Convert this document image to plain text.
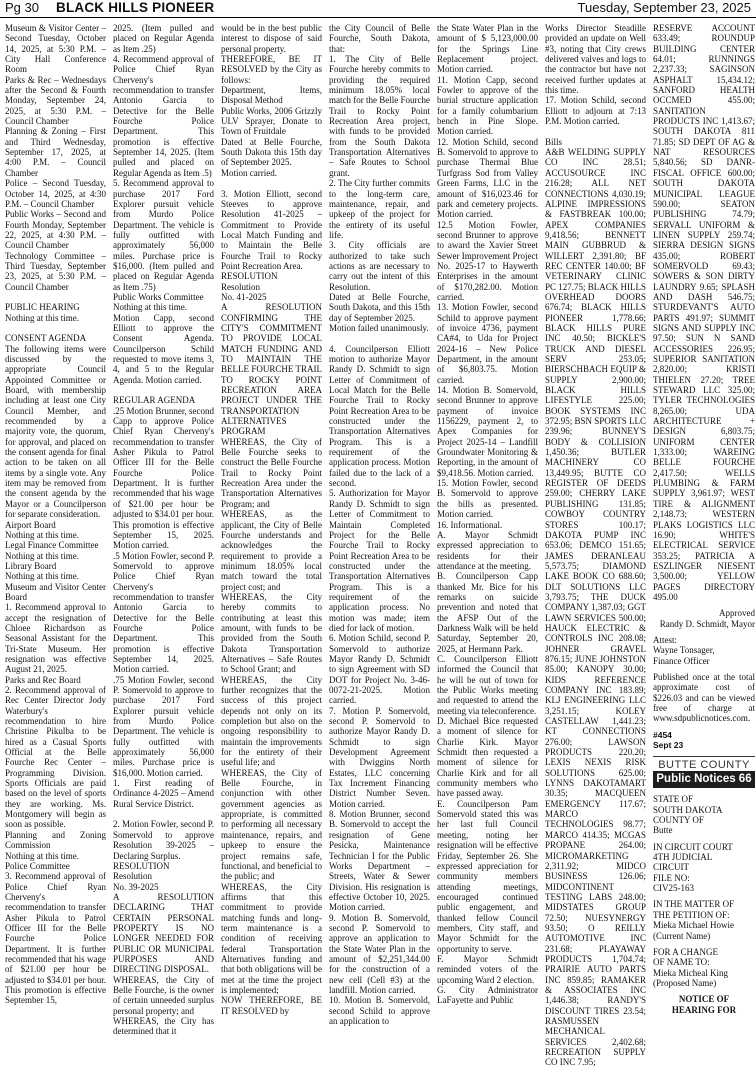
Pg 30 BLACK HILLS PIONEER	Tuesday, September 23, 2025

Museum & Visitor Center – Second Tuesday, October 14, 2025, at 5:30 P.M. – City Hall Conference Room
Parks & Rec – Wednesdays after the Second & Fourth Monday, September 24, 2025, at 5:30 P.M. – Council Chamber
Planning & Zoning – First and Third Wednesday, September 17, 2025, at 4:00 P.M. – Council Chamber
Police – Second Tuesday, October 14, 2025, at 4:30 P.M. – Council Chamber
Public Works – Second and Fourth Monday, September 22, 2025, at 4:30 P.M. – Council Chamber
Technology Committee – Third Tuesday, September 23, 2025, at 5:30 P.M. – Council Chamber

PUBLIC HEARING
Nothing at this time.

CONSENT AGENDA
The following items were discussed by the appropriate Council Appointed Committee or Board, with membership including at least one City Council Member, and recommended by a majority vote, the quorum, for approval, and placed on the consent agenda for final action to be taken on all items by a single vote. Any item may be removed from the consent agenda by the Mayor or a Councilperson for separate consideration.
Airport Board
Nothing at this time.
Legal Finance Committee
Nothing at this time.
Library Board
Nothing at this time.
Museum and Visitor Center Board
1. Recommend approval to accept the resignation of Chloee Richardson as Seasonal Assistant for the Tri-State Museum. Her resignation was effective August 21, 2025.
Parks and Rec Board
2. Recommend approval of Rec Center Director Jody Waterbury's recommendation to hire Christine Pikulba to be hired as a Casual Sports Official at the Belle Fourche Rec Center – Programming Division. Sports Officials are paid based on the level of sports they are working. Ms. Montgomery will begin as soon as possible.
Planning and Zoning Commission
Nothing at this time.
Police Committee
3. Recommend approval of Police Chief Ryan Chervenу's recommendation to transfer Asher Pikula to Patrol Officer III for the Belle Fourche Police Department. It is further recommended that his wage of $21.00 per hour be adjusted to $34.01 per hour. This promotion is effective September 15,

2025. (Item pulled and placed on Regular Agenda as Item .25)
4. Recommend approval of Police Chief Ryan Cherveny's recommendation to transfer Antonio Garcia to Detective for the Belle Fourche Police Department. This promotion is effective September 14, 2025. (Item pulled and placed on Regular Agenda as Item .5)
5. Recommend approval to purchase 2017 Ford Explorer pursuit vehicle from Murdo Police Department. The vehicle is fully outfitted with approximately 56,000 miles. Purchase price is $16,000. (Item pulled and placed on Regular Agenda as Item .75)
Public Works Committee
Nothing at this time.
Motion Capp, second Elliott to approve the Consent Agenda. Councilperson Schild requested to move items 3, 4, and 5 to the Regular Agenda. Motion carried.

REGULAR AGENDA
.25 Motion Brunner, second Capp to approve Police Chief Ryan Cherveny's recommendation to transfer Asher Pikula to Patrol Officer III for the Belle Fourche Police Department. It is further recommended that his wage of $21.00 per hour be adjusted to $34.01 per hour. This promotion is effective September 15, 2025. Motion carried.
.5 Motion Fowler, second P. Somervold to approve Police Chief Ryan Cherveny's recommendation to transfer Antonio Garcia to Detective for the Belle Fourche Police Department. This promotion is effective September 14, 2025. Motion carried.
.75 Motion Fowler, second P. Somervold to approve to purchase 2017 Ford Explorer pursuit vehicle from Murdo Police Department. The vehicle is fully outfitted with approximately 56,000 miles. Purchase price is $16,000. Motion carried.
1. First reading of Ordinance 4-2025 – Amend Rural Service District.

2. Motion Fowler, second P. Somervold to approve Resolution 39-2025 – Declaring Surplus.
RESOLUTION
Resolution
No. 39-2025
A RESOLUTION DECLARING THAT CERTAIN PERSONAL PROPERTY IS NO LONGER NEEDED FOR PUBLIC OR MUNICIPAL PURPOSES AND DIRECTING DISPOSAL.
WHEREAS, the City of Belle Fourche, is the owner of certain unneeded surplus personal property; and
WHEREAS, the City has determined that it

would be in the best public interest to dispose of said personal property.
THEREFORE, BE IT RESOLVED by the City as follows:
Department, Items, Disposal Method
Public Works, 2006 Grizzly ULV Sprayer, Donate to Town of Fruitdale
Dated at Belle Fourche, South Dakota this 15th day of September 2025.
Motion carried.

3. Motion Elliott, second Steeves to approve Resolution 41-2025 – Commitment to Provide Local Match Funding and to Maintain the Belle Fourche Trail to Rocky Point Recreation Area.
RESOLUTION
Resolution
No. 41-2025
A RESOLUTION CONFIRMING THE CITY'S COMMITMENT TO PROVIDE LOCAL MATCH FUNDING AND TO MAINTAIN THE BELLE FOURCHE TRAIL TO ROCKY POINT RECREATION AREA PROJECT UNDER THE TRANSPORTATION ALTERNATIVES PROGRAM
WHEREAS, the City of Belle Fourche seeks to construct the Belle Fourche Trail to Rocky Point Recreation Area under the Transportation Alternatives Program; and
WHEREAS, as the applicant, the City of Belle Fourche understands and acknowledges the requirement to provide a minimum 18.05% local match toward the total project cost; and
WHEREAS, the City hereby commits to contributing at least this amount, with funds to be provided from the South Dakota Transportation Alternatives – Safe Routes to School Grant; and
WHEREAS, the City further recognizes that the success of this project depends not only on its completion but also on the ongoing responsibility to maintain the improvements for the entirety of their useful life; and
WHEREAS, the City of Belle Fourche, in conjunction with other government agencies as appropriate, is committed to performing all necessary maintenance, repairs, and upkeep to ensure the project remains safe, functional, and beneficial to the public; and
WHEREAS, the City affirms that this commitment to provide matching funds and long-term maintenance is a condition of receiving federal Transportation Alternatives funding and that both obligations will be met at the time the project is implemented;
NOW THEREFORE, BE IT RESOLVED by

the City Council of Belle Fourche, South Dakota, that:
1. The City of Belle Fourche hereby commits to providing the required minimum 18.05% local match for the Belle Fourche Trail to Rocky Point Recreation Area project, with funds to be provided from the South Dakota Transportation Alternatives – Safe Routes to School grant.
2. The City further commits to the long-term care, maintenance, repair, and upkeep of the project for the entirety of its useful life.
3. City officials are authorized to take such actions as are necessary to carry out the intent of this Resolution.
Dated at Belle Fourche, South Dakota, and this 15th day of September 2025.
Motion failed unanimously.

4. Councilperson Elliott motion to authorize Mayor Randy D. Schmidt to sign Letter of Commitment of Local Match for the Belle Fourche Trail to Rocky Point Recreation Area to be constructed under the Transportation Alternatives Program. This is a requirement of the application process. Motion failed due to the lack of a second.
5. Authorization for Mayor Randy D. Schmidt to sign Letter of Commitment to Maintain Completed Project for the Belle Fourche Trail to Rocky Point Recreation Area to be constructed under the Transportation Alternatives Program. This is a requirement of the application process. No motion was made; item died for lack of motion.
6. Motion Schild, second P. Somervold to authorize Mayor Randy D. Schmidt to sign Agreement with SD DOT for Project No. 3-46-0072-21-2025. Motion carried.
7. Motion P. Somervold, second P. Somervold to authorize Mayor Randy D. Schmidt to sign Development Agreement with Dwiggins North Estates, LLC concerning Tax Increment Financing District Number Seven. Motion carried.
8. Motion Brunner, second B. Somervold to accept the resignation of Gene Pesicka, Maintenance Technician I for the Public Works Department – Streets, Water & Sewer Division. His resignation is effective October 10, 2025. Motion carried.
9. Motion B. Somervold, second P. Somervold to approve an application to the State Water Plan in the amount of $2,251,344.00 for the construction of a new cell (Cell #3) at the landfill. Motion carried.
10. Motion B. Somervold, second Schild to approve an application to

the State Water Plan in the amount of $ 5,123,000.00 for the Springs Line Replacement project. Motion carried.
11. Motion Capp, second Fowler to approve of the burial structure application for a family columbarium bench in Pine Slope. Motion carried.
12. Motion Schild, second B. Somervold to approve to purchase Thermal Blue Turfgrass Sod from Valley Green Farms, LLC in the amount of $16,023.46 for park and cemetery projects. Motion carried.
12.5 Motion Fowler, second Brunner to approve to award the Xavier Street Sewer Improvement Project No. 2025-17 to Haywerth Enterprises in the amount of $170,282.00. Motion carried.
13. Motion Fowler, second Schild to approve payment of invoice 4736, payment CA#4, to Uda for Project 2024-16 – New Police Department, in the amount of $6,803.75. Motion carried.
14. Motion B. Somervold, second Brunner to approve payment of invoice 1156229, payment 2, to Apex Companies for Project 2025-14 – Landfill Groundwater Monitoring & Reporting, in the amount of $9,418.56. Motion carried.
15. Motion Fowler, second B. Somervold to approve the bills as presented. Motion carried.
16. Informational.
A. Mayor Schmidt expressed appreciation to residents for their attendance at the meeting.
B. Councilperson Capp thanked Mr. Bice for his remarks on suicide prevention and noted that the AFSP Out of the Darkness Walk will be held Saturday, September 20, 2025, at Hermann Park.
C. Councilperson Elliott informed the Council that he will be out of town for the Public Works meeting and requested to attend the meeting via teleconference.
D. Michael Bice requested a moment of silence for Charlie Kirk. Mayor Schmidt then requested a moment of silence for Charlie Kirk and for all community members who have passed away.
E. Councilperson Pam Somervold stated this was her last full Council meeting, noting her resignation will be effective Friday, September 26. She expressed appreciation for community members attending meetings, encouraged continued public engagement, and thanked fellow Council members, City staff, and Mayor Schmidt for the opportunity to serve.
F. Mayor Schmidt reminded voters of the upcoming Ward 2 election.
G. City Administrator LaFayette and Public

Works Director Steadille provided an update on Well #3, noting that City crews delivered valves and logs to the contractor but have not received further updates at this time.
17. Motion Schild, second Elliott to adjourn at 7:13 P.M. Motion carried.

Bills
A&B WELDING SUPPLY CO INC 28.51; ACCUSOURCE INC 216.28; ALL NET CONNECTIONS 4,030.19; ALPINE IMPRESSIONS & FASTBREAK 100.00; APEX COMPANIES 9,418.56; BENNETT MAIN GUBBRUD & WILLERT 2,391.80; BF REC CENTER 140.00; BF VETERINARY CLINIC PC 127.75; BLACK HILLS OVERHEAD DOORS 676.74; BLACK HILLS PIONEER 1,778.66; BLACK HILLS PURE INC 40.50; BICKLE'S TRUCK AND DIESEL SERV 253.05; BIERSCHBACH EQUIP & SUPPLY 2,900.00; BLACK HILLS LIFESTYLE 225.00; BOOK SYSTEMS INC 372.95; BSN SPORTS LLC 239.96; BUNNEY'S BODY & COLLISION 1,450.36; BUTLER MACHINERY CO 13,449.95; BUTTE CO REGISTER OF DEEDS 259.00; CHERRY LAKE PUBLISHING 131.85; COWBOY COUNTRY STORES 100.17; DAKOTA PUMP INC 653.06; DEMCO 151.65; JAMES DERANLEAU 5,573.75; DIAMOND LAKE BOOK CO 688.60; DLT SOLUTIONS LLC 3,793.75; THE DUCK COMPANY 1,387.03; GGT LAWN SERVICES 500.00; HAUCK ELECTRIC & CONTROLS INC 208.08; JOHNER GRAVEL 876.15; JUNE JOHNSTON 85.00; KANOPY 30.00; KIDS REFERENCE COMPANY INC 183.89; KLJ ENGINEERING LLC 3,251.15; KOLEY CASTELLAW 1,441.23; KT CONNECTIONS 276.00; LAWSON PRODUCTS 220.20; LEXIS NEXIS RISK SOLUTIONS 625.00; LYNNS DAKOTAMART 30.35; MACQUEEN EMERGENCY 117.67; MARCO TECHNOLOGIES 98.77; MARCO 414.35; MCGAS PROPANE 264.00; MICROMARKETING 2,311.92; MIDCO BUSINESS 126.06; MIDCONTINENT TESTING LABS 248.00; MIDSTATES GROUP 72.50; NUESYNERGY 93.50; O REILLY AUTOMOTIVE INC 231.68; PLAYAWAY PRODUCTS 1,704.74; PRAIRIE AUTO PARTS INC 859.85; RAMAKER & ASSOCIATES INC 1,446.38; RANDY'S DISCOUNT TIRES 23.54; RASMUSSEN MECHANICAL SERVICES 2,402.68; RECREATION SUPPLY CO INC 7.95;

RESERVE ACCOUNT 633.49; ROUNDUP BUILDING CENTER 64.01; RUNNINGS 2,237.33; SAGINSON ASPHALT 15,434.12; SANFORD HEALTH OCCMED 455.00; SANITATION PRODUCTS INC 1,413.67; SOUTH DAKOTA 811 71.85; SD DEPT OF AG & NAT RESOURCES 5,840.56; SD DANR-FISCAL OFFICE 600.00; SOUTH DAKOTA MUNICIPAL LEAGUE 590.00; SEATON PUBLISHING 74.79; SERVALL UNIFORM & LINEN SUPPLY 259.74; SIERRA DESIGN SIGNS 435.00; ROBERT SOMERVOLD 69.43; SOWERS & SON DIRTY LAUNDRY 9.65; SPLASH AND DASH 546.75; STURDEVANT'S AUTO PARTS 491.97; SUMMIT SIGNS AND SUPPLY INC 97.50; SUN N SAND ACCESSORIES 226.95; SUPERIOR SANITATION 2,820.00; KRISTI THIELEN 27.20; TREE STEWARD LLC 325.00; TYLER TECHNOLOGIES 8,265.00; UDA ARCHITECTURE + DESIGN 6,803.75; UNIFORM CENTER 1,333.00; WAREING BELLE FOURCHE 2,417.50; WELLS PLUMBING & FARM SUPPLY 3,961.97; WEST TIRE & ALIGNMENT 2,148.73; WESTERN PLAKS LOGISTICS LLC 16.90; WHITE'S ELECTRICAL SERVICE 353.25; PATRICIA A ESZLINGER NIESENT 3,500.00; YELLOW PAGES DIRECTORY 495.00

Approved
Randy D. Schmidt, Mayor

Attest:
Wayne Tonsager,
Finance Officer

Published once at the total approximate cost of $226.03 and can be viewed free of charge at www.sdpublicnotices.com.

#454
Sept 23

BUTTE COUNTY
Public Notices 66

STATE OF
SOUTH DAKOTA
COUNTY OF
Butte

IN CIRCUIT COURT
4TH JUDICIAL
CIRCUIT
FILE NO:
CIV25-163

IN THE MATTER OF
THE PETITION OF:
Mieka Michael Howie
(Current Name)

FOR A CHANGE
OF NAME TO:
Mieka Micheal King
(Proposed Name)

NOTICE OF
HEARING FOR
